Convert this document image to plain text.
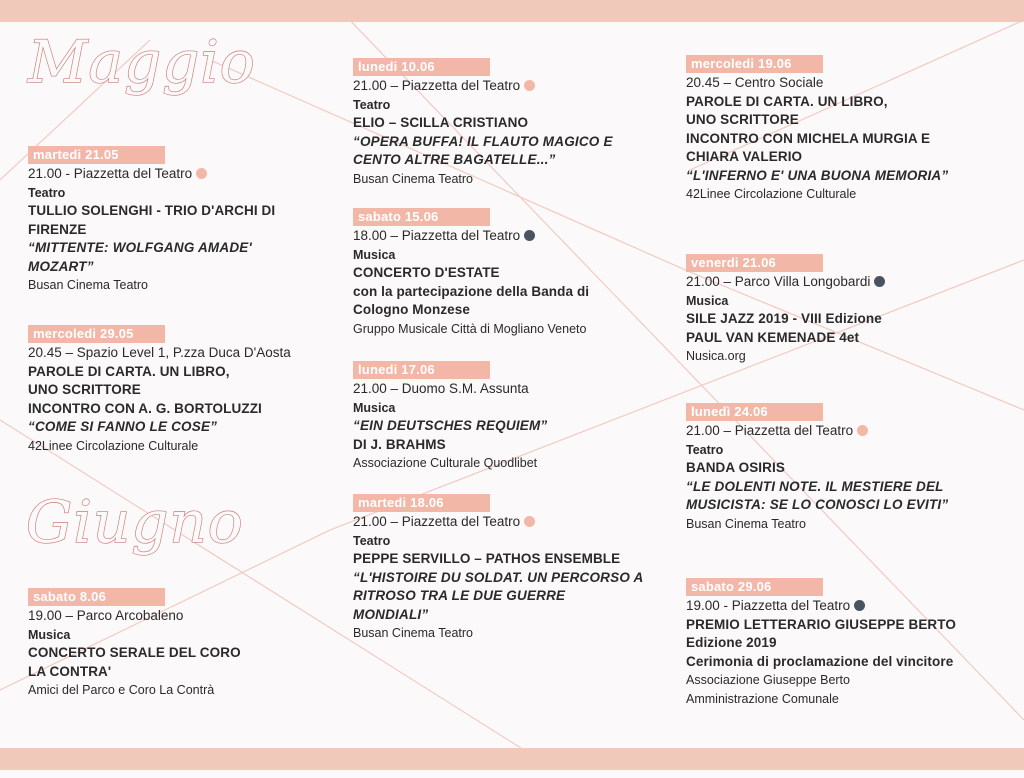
Maggio
Giugno
martedi 21.05
21.00 - Piazzetta del Teatro
Teatro
TULLIO SOLENGHI - TRIO D'ARCHI DI
FIRENZE
“MITTENTE: WOLFGANG AMADE'
MOZART”
Busan Cinema Teatro
mercoledi 29.05
20.45 – Spazio Level 1, P.zza Duca D'Aosta
PAROLE DI CARTA. UN LIBRO,
UNO SCRITTORE
INCONTRO CON A. G. BORTOLUZZI
“COME SI FANNO LE COSE”
42Linee Circolazione Culturale
sabato 8.06
19.00 – Parco Arcobaleno
Musica
CONCERTO SERALE DEL CORO
LA CONTRA'
Amici del Parco e Coro La Contrà
lunedi 10.06
21.00 – Piazzetta del Teatro
Teatro
ELIO – SCILLA CRISTIANO
“OPERA BUFFA! IL FLAUTO MAGICO E
CENTO ALTRE BAGATELLE...”
Busan Cinema Teatro
sabato 15.06
18.00 – Piazzetta del Teatro
Musica
CONCERTO D'ESTATE
con la partecipazione della Banda di
Cologno Monzese
Gruppo Musicale Città di Mogliano Veneto
lunedi 17.06
21.00 – Duomo S.M. Assunta
Musica
“EIN DEUTSCHES REQUIEM”
DI J. BRAHMS
Associazione Culturale Quodlibet
martedi 18.06
21.00 – Piazzetta del Teatro
Teatro
PEPPE SERVILLO – PATHOS ENSEMBLE
“L'HISTOIRE DU SOLDAT. UN PERCORSO A
RITROSO TRA LE DUE GUERRE
MONDIALI”
Busan Cinema Teatro
mercoledi 19.06
20.45 – Centro Sociale
PAROLE DI CARTA. UN LIBRO,
UNO SCRITTORE
INCONTRO CON MICHELA MURGIA E
CHIARA VALERIO
“L'INFERNO E' UNA BUONA MEMORIA”
42Linee Circolazione Culturale
venerdi 21.06
21.00 – Parco Villa Longobardi
Musica
SILE JAZZ 2019 - VIII Edizione
PAUL VAN KEMENADE 4et
Nusica.org
lunedì 24.06
21.00 – Piazzetta del Teatro
Teatro
BANDA OSIRIS
“LE DOLENTI NOTE. IL MESTIERE DEL
MUSICISTA: SE LO CONOSCI LO EVITI”
Busan Cinema Teatro
sabato 29.06
19.00 - Piazzetta del Teatro
PREMIO LETTERARIO GIUSEPPE BERTO
Edizione 2019
Cerimonia di proclamazione del vincitore
Associazione Giuseppe Berto
Amministrazione Comunale
